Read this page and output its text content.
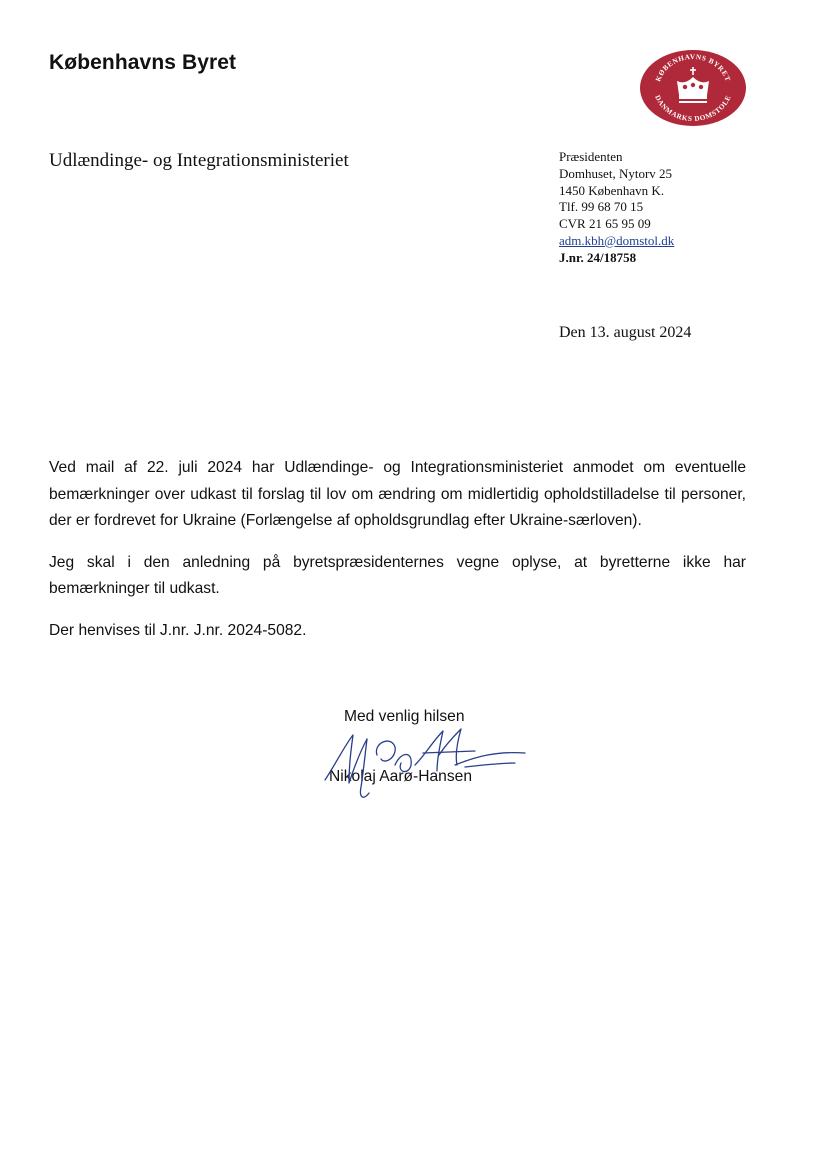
Københavns Byret
KØBENHAVNS BYRET
DANMARKS DOMSTOLE
Udlændinge- og Integrationsministeriet	Præsidenten
Domhuset, Nytorv 25
1450 København K.
Tlf. 99 68 70 15
CVR 21 65 95 09
adm.kbh@domstol.dk
J.nr. 24/18758
Den 13. august 2024

Ved mail af 22. juli 2024 har Udlændinge- og Integrationsministeriet anmodet om eventuelle bemærkninger over udkast til forslag til lov om ændring om midlertidig opholdstilladelse til personer, der er fordrevet for Ukraine (Forlængelse af opholdsgrundlag efter Ukraine-særloven).

Jeg skal i den anledning på byretspræsidenternes vegne oplyse, at byretterne ikke har bemærkninger til udkast.

Der henvises til J.nr. J.nr. 2024-5082.

Med venlig hilsen
Nikolaj Aarø-Hansen
